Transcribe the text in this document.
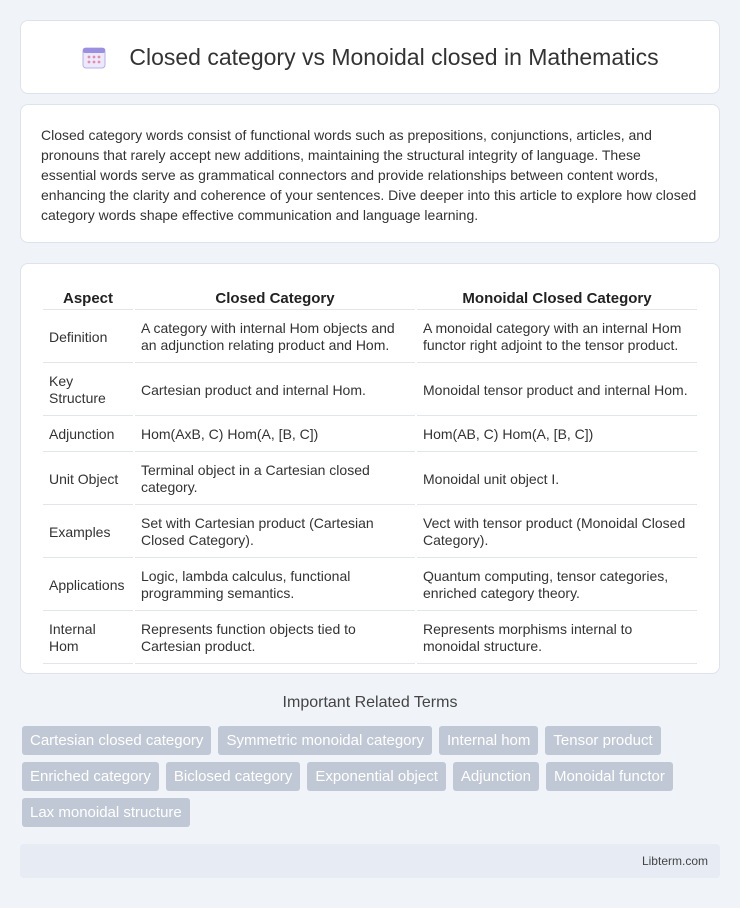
Closed category vs Monoidal closed in Mathematics

Closed category words consist of functional words such as prepositions, conjunctions, articles, and pronouns that rarely accept new additions, maintaining the structural integrity of language. These essential words serve as grammatical connectors and provide relationships between content words, enhancing the clarity and coherence of your sentences. Dive deeper into this article to explore how closed category words shape effective communication and language learning.

Aspect	Closed Category	Monoidal Closed Category
Definition	A category with internal Hom objects and an adjunction relating product and Hom.	A monoidal category with an internal Hom functor right adjoint to the tensor product.
Key Structure	Cartesian product and internal Hom.	Monoidal tensor product and internal Hom.
Adjunction	Hom(AxB, C) Hom(A, [B, C])	Hom(AB, C) Hom(A, [B, C])
Unit Object	Terminal object in a Cartesian closed category.	Monoidal unit object I.
Examples	Set with Cartesian product (Cartesian Closed Category).	Vect with tensor product (Monoidal Closed Category).
Applications	Logic, lambda calculus, functional programming semantics.	Quantum computing, tensor categories, enriched category theory.
Internal Hom	Represents function objects tied to Cartesian product.	Represents morphisms internal to monoidal structure.
Important Related Terms
Cartesian closed category	Symmetric monoidal category	Internal hom	Tensor product
Enriched category	Biclosed category	Exponential object	Adjunction	Monoidal functor
Lax monoidal structure
Libterm.com
